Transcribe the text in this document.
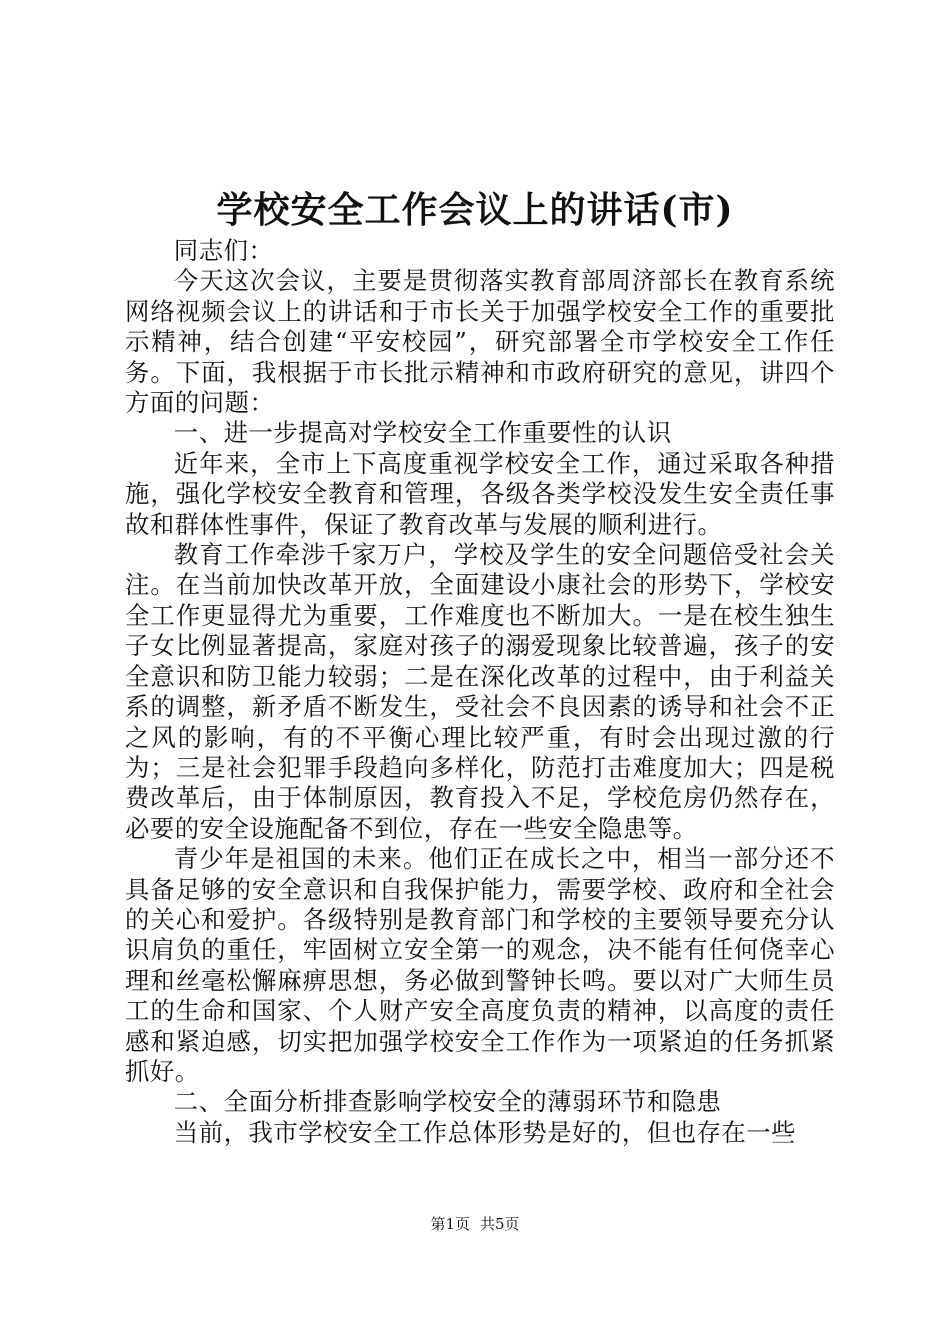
学校安全工作会议上的讲话(市)

同志们：

今天这次会议，主要是贯彻落实教育部周济部长在教育系统网络视频会议上的讲话和于市长关于加强学校安全工作的重要批示精神，结合创建“平安校园”，研究部署全市学校安全工作任务。下面，我根据于市长批示精神和市政府研究的意见，讲四个方面的问题：

一、进一步提高对学校安全工作重要性的认识

近年来，全市上下高度重视学校安全工作，通过采取各种措施，强化学校安全教育和管理，各级各类学校没发生安全责任事故和群体性事件，保证了教育改革与发展的顺利进行。

教育工作牵涉千家万户，学校及学生的安全问题倍受社会关注。在当前加快改革开放，全面建设小康社会的形势下，学校安全工作更显得尤为重要，工作难度也不断加大。一是在校生独生子女比例显著提高，家庭对孩子的溺爱现象比较普遍，孩子的安全意识和防卫能力较弱；二是在深化改革的过程中，由于利益关系的调整，新矛盾不断发生，受社会不良因素的诱导和社会不正之风的影响，有的不平衡心理比较严重，有时会出现过激的行为；三是社会犯罪手段趋向多样化，防范打击难度加大；四是税费改革后，由于体制原因，教育投入不足，学校危房仍然存在，必要的安全设施配备不到位，存在一些安全隐患等。

青少年是祖国的未来。他们正在成长之中，相当一部分还不具备足够的安全意识和自我保护能力，需要学校、政府和全社会的关心和爱护。各级特别是教育部门和学校的主要领导要充分认识肩负的重任，牢固树立安全第一的观念，决不能有任何侥幸心理和丝毫松懈麻痹思想，务必做到警钟长鸣。要以对广大师生员工的生命和国家、个人财产安全高度负责的精神，以高度的责任感和紧迫感，切实把加强学校安全工作作为一项紧迫的任务抓紧抓好。

二、全面分析排查影响学校安全的薄弱环节和隐患

当前，我市学校安全工作总体形势是好的，但也存在一些

第1页 共5页
